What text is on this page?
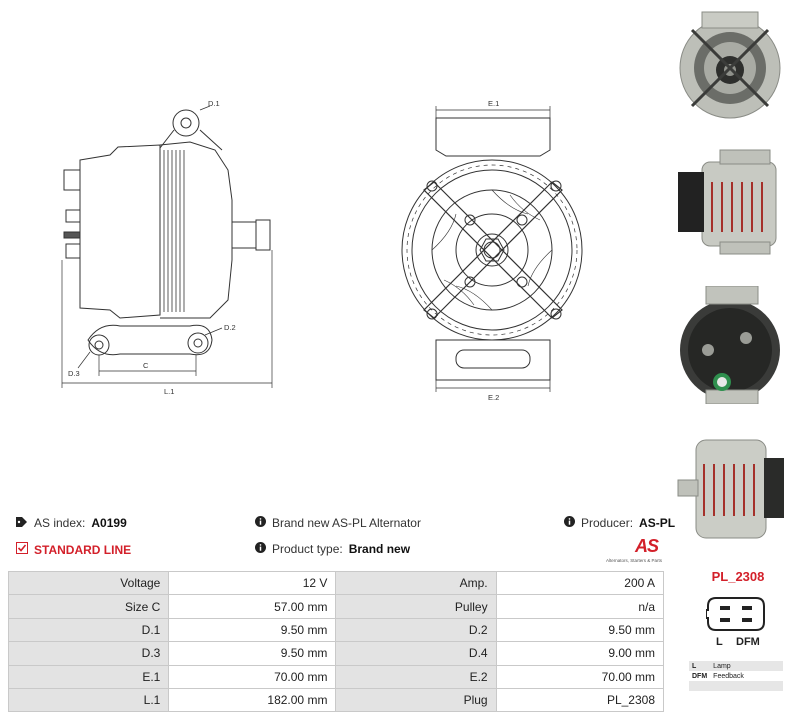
D.1
D.2
D.3
C
L.1
E.1
E.2
AS index: A0199
STANDARD LINE
Brand new AS-PL Alternator
Product type: Brand new
Producer: AS-PL
AS
Alternators, Starters & Parts
Voltage	12 V	Amp.	200 A
Size C	57.00 mm	Pulley	n/a
D.1	9.50 mm	D.2	9.50 mm
D.3	9.50 mm	D.4	9.00 mm
E.1	70.00 mm	E.2	70.00 mm
L.1	182.00 mm	Plug	PL_2308
PL_2308
L DFM
L	Lamp
DFM	Feedback
